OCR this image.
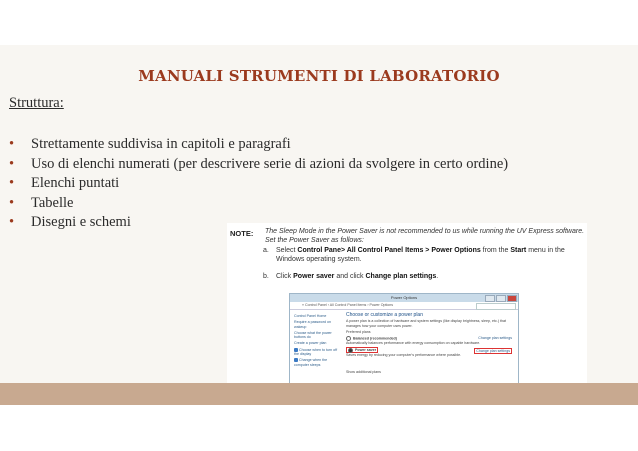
MANUALI STRUMENTI DI LABORATORIO
Struttura:
• Strettamente suddivisa in capitoli e paragrafi
• Uso di elenchi numerati (per descrivere serie di azioni da svolgere in certo ordine)
• Elenchi puntati
• Tabelle
• Disegni e schemi
NOTE: The Sleep Mode in the Power Saver is not recommended to us while running the UV Express software. Set the Power Saver as follows:
a. Select Control Pane> All Control Panel Items > Power Options from the Start menu in the Windows operating system.
b. Click Power saver and click Change plan settings.
Power Options
« Control Panel › All Control Panel Items › Power Options
Control Panel Home
Require a password on wakeup
Choose what the power buttons do
Create a power plan
Choose when to turn off the display
Change when the computer sleeps
Choose or customize a power plan
A power plan is a collection of hardware and system settings (like display brightness, sleep, etc.) that manages how your computer uses power.
Preferred plans
Balanced (recommended)	Change plan settings
Automatically balances performance with energy consumption on capable hardware.
Power saver	Change plan settings
Saves energy by reducing your computer's performance where possible.
Show additional plans
